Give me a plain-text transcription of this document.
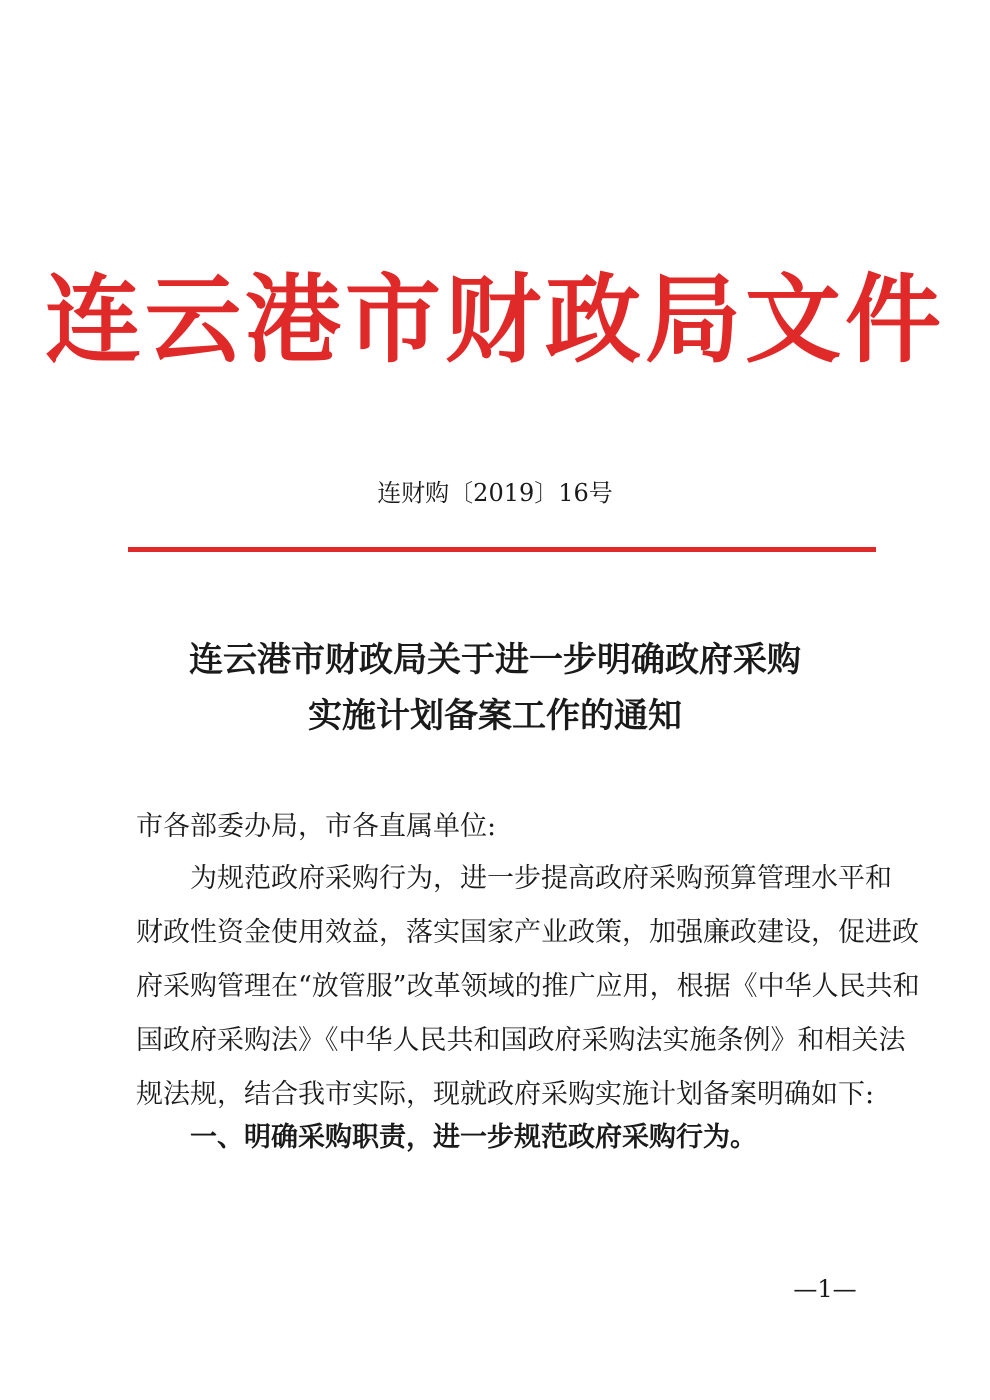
连云港市财政局文件
连财购〔2019〕16号
连云港市财政局关于进一步明确政府采购
实施计划备案工作的通知
市各部委办局，市各直属单位:
为规范政府采购行为，进一步提高政府采购预算管理水平和
财政性资金使用效益，落实国家产业政策，加强廉政建设，促进政
府采购管理在“放管服”改革领域的推广应用，根据《中华人民共和
国政府采购法》《中华人民共和国政府采购法实施条例》和相关法
规法规，结合我市实际，现就政府采购实施计划备案明确如下:
一、明确采购职责，进一步规范政府采购行为。
—1—
